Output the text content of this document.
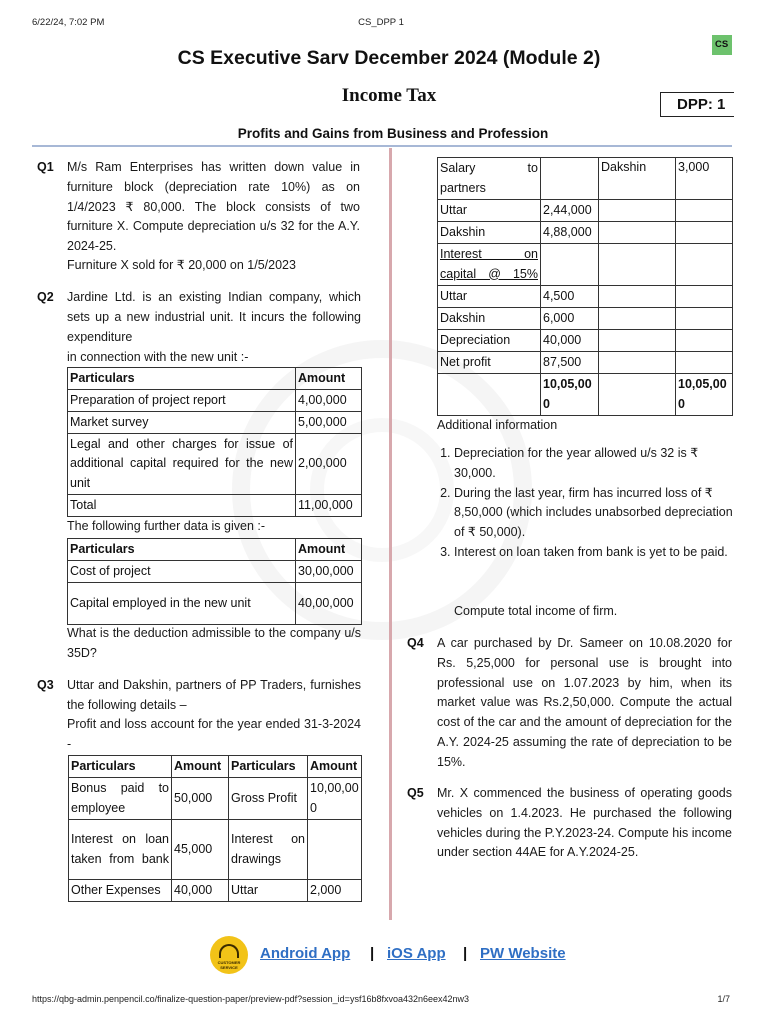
6/22/24, 7:02 PM	CS_DPP 1
CS
CS Executive Sarv December 2024 (Module 2)
Income Tax	DPP: 1
Profits and Gains from Business and Profession
Q1 M/s Ram Enterprises has written down value in furniture block (depreciation rate 10%) as on 1/4/2023 ₹ 80,000. The block consists of two furniture X. Compute depreciation u/s 32 for the A.Y. 2024-25.
Furniture X sold for ₹ 20,000 on 1/5/2023
Q2 Jardine Ltd. is an existing Indian company, which sets up a new industrial unit. It incurs the following expenditure
in connection with the new unit :-
Particulars	Amount
Preparation of project report	4,00,000
Market survey	5,00,000
Legal and other charges for issue of additional capital required for the new unit	2,00,000
Total	11,00,000
The following further data is given :-
Particulars	Amount
Cost of project	30,00,000
Capital employed in the new unit	40,00,000
What is the deduction admissible to the company u/s 35D?
Q3 Uttar and Dakshin, partners of PP Traders, furnishes the following details –
Profit and loss account for the year ended 31-3-2024 -
Particulars	Amount	Particulars	Amount
Bonus paid to employee	50,000	Gross Profit	10,00,000
Interest on loan taken from bank	45,000	Interest on drawings	
Other Expenses	40,000	Uttar	2,000
Salary to partners		Dakshin	3,000
Uttar	2,44,000		
Dakshin	4,88,000		
Interest on capital @ 15%			
Uttar	4,500		
Dakshin	6,000		
Depreciation	40,000		
Net profit	87,500		
	10,05,000		10,05,000
Additional information
1. Depreciation for the year allowed u/s 32 is ₹ 30,000.
2. During the last year, firm has incurred loss of ₹ 8,50,000 (which includes unabsorbed depreciation of ₹ 50,000).
3. Interest on loan taken from bank is yet to be paid.
Compute total income of firm.
Q4 A car purchased by Dr. Sameer on 10.08.2020 for Rs. 5,25,000 for personal use is brought into professional use on 1.07.2023 by him, when its market value was Rs.2,50,000. Compute the actual cost of the car and the amount of depreciation for the A.Y. 2024-25 assuming the rate of depreciation to be 15%.
Q5 Mr. X commenced the business of operating goods vehicles on 1.4.2023. He purchased the following vehicles during the P.Y.2023-24. Compute his income under section 44AE for A.Y.2024-25.
CUSTOMER SERVICE
Android App | iOS App | PW Website
https://qbg-admin.penpencil.co/finalize-question-paper/preview-pdf?session_id=ysf16b8fxvoa432n6eex42nw3	1/7
